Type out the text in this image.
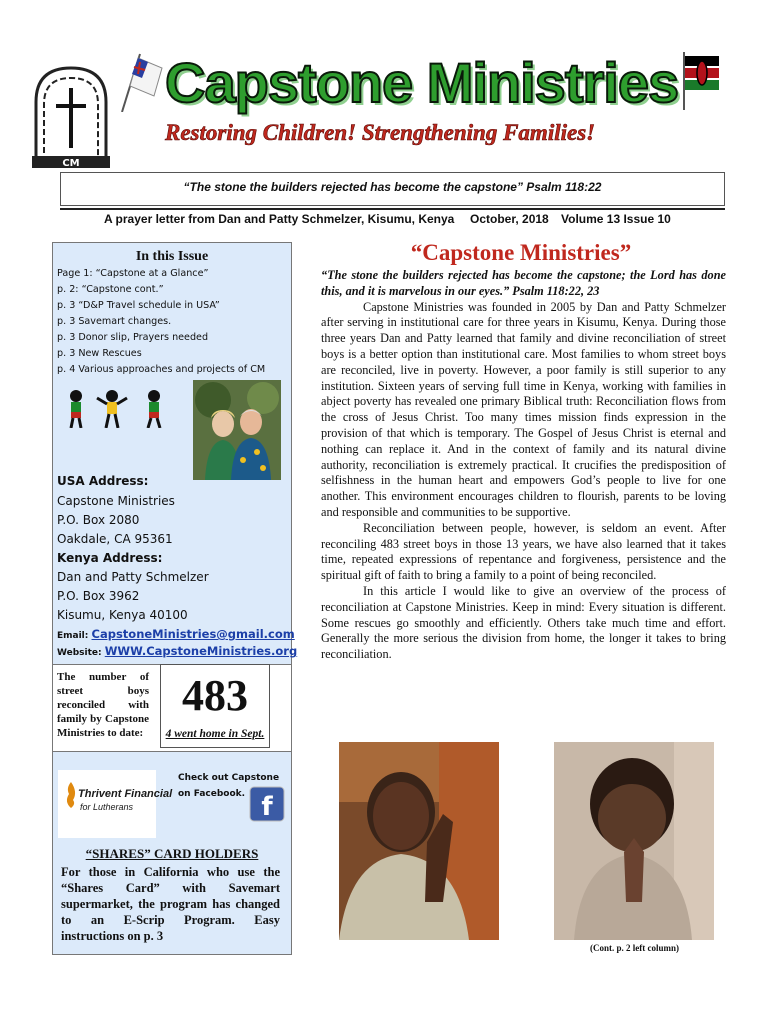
CM
Capstone Ministries
Restoring Children! Strengthening Families!
“The stone the builders rejected has become the capstone” Psalm 118:22
A prayer letter from Dan and Patty Schmelzer, Kisumu, Kenya October, 2018 Volume 13 Issue 10
In this Issue
Page 1: “Capstone at a Glance”
p. 2: “Capstone cont.”
p. 3 “D&P Travel schedule in USA”
p. 3 Savemart changes.
p. 3 Donor slip, Prayers needed
p. 3 New Rescues
p. 4 Various approaches and projects of CM
USA Address:
Capstone Ministries
P.O. Box 2080
Oakdale, CA 95361
Kenya Address:
Dan and Patty Schmelzer
P.O. Box 3962
Kisumu, Kenya 40100
Email: CapstoneMinistries@gmail.com
Website: WWW.CapstoneMinistries.org
The number of street boys reconciled with family by Capstone Ministries to date:
483
4 went home in Sept.
Thrivent Financial
for Lutherans
Check out Capstone
on Facebook. f
“SHARES” CARD HOLDERS
For those in California who use the “Shares Card” with Savemart supermarket, the program has changed to an E-Scrip Program. Easy instructions on p. 3
“Capstone Ministries”

“The stone the builders rejected has become the capstone; the Lord has done this, and it is marvelous in our eyes.” Psalm 118:22, 23

Capstone Ministries was founded in 2005 by Dan and Patty Schmelzer after serving in institutional care for three years in Kisumu, Kenya. During those three years Dan and Patty learned that family and divine reconciliation of street boys is a better option than institutional care. Most families to whom street boys are reconciled, live in poverty. However, a poor family is still superior to any institution. Sixteen years of serving full time in Kenya, working with families in abject poverty has revealed one primary Biblical truth: Reconciliation flows from the cross of Jesus Christ. Too many times mission finds expression in the provision of that which is temporary. The Gospel of Jesus Christ is eternal and nothing can replace it. And in the context of family and its natural divine authority, reconciliation is extremely practical. It crucifies the predisposition of selfishness in the human heart and empowers God’s people to live for one another. This environment encourages children to flourish, parents to be loving and responsible and communities to be supportive.

Reconciliation between people, however, is seldom an event. After reconciling 483 street boys in those 13 years, we have also learned that it takes time, repeated expressions of repentance and forgiveness, persistence and the spiritual gift of faith to bring a family to a point of being reconciled.

In this article I would like to give an overview of the process of reconciliation at Capstone Ministries. Keep in mind: Every situation is different. Some rescues go smoothly and efficiently. Others take much time and effort. Generally the more serious the division from home, the longer it takes to bring reconciliation.

(Cont. p. 2 left column)
